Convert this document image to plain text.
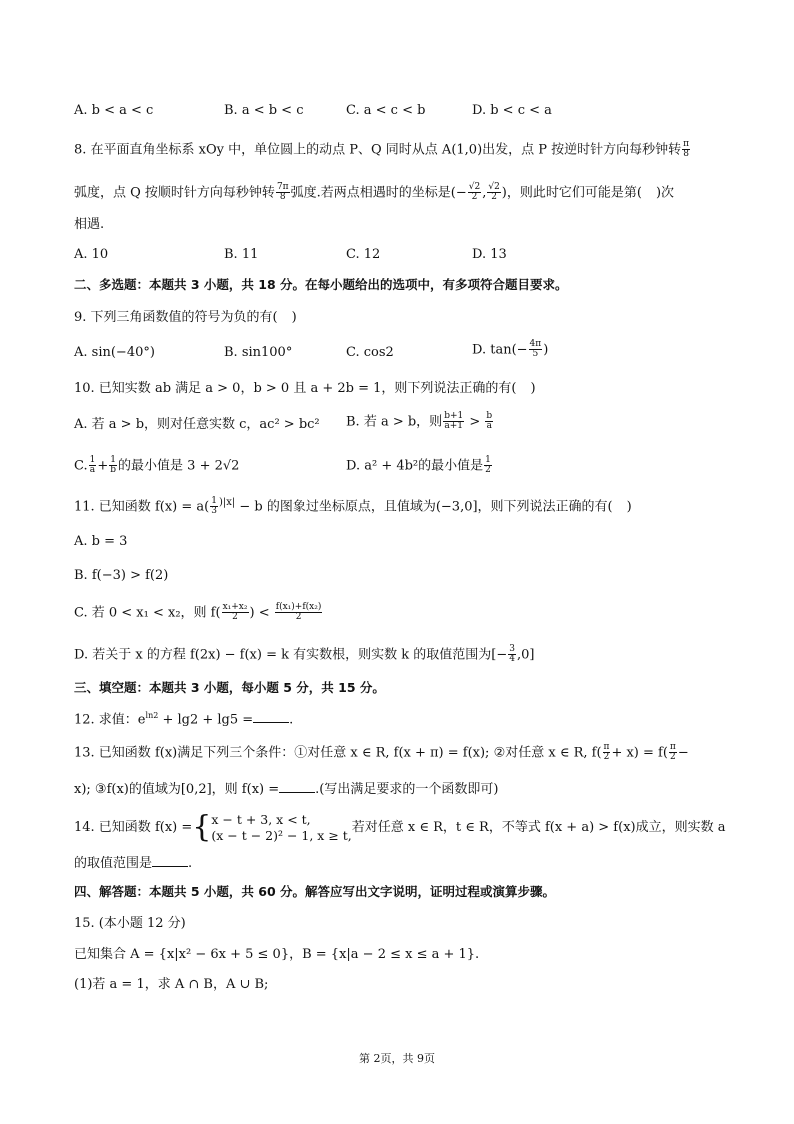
A. b < a < c	B. a < b < c	C. a < c < b	D. b < c < a
8. 在平面直角坐标系 xOy 中，单位圆上的动点 P、Q 同时从点 A(1,0)出发，点 P 按逆时针方向每秒钟转 $\frac{\pi}{8}$
弧度，点 Q 按顺时针方向每秒钟转 $\frac{7\pi}{8}$ 弧度.若两点相遇时的坐标是(− $\frac{√2}{2}$ , $\frac{√2}{2}$ )，则此时它们可能是第( )次
相遇.
A. 10	B. 11	C. 12	D. 13
二、多选题：本题共 3 小题，共 18 分。在每小题给出的选项中，有多项符合题目要求。
9. 下列三角函数值的符号为负的有( )
A. sin(−40°)	B. sin100°	C. cos2	D. $\tan(- \frac{4\pi}{5}$ )
10. 已知实数 ab 满足 a > 0，b > 0 且 a + 2b = 1，则下列说法正确的有( )
A. 若 a > b，则对任意实数 c，ac² > bc² B. 若 a > b，则 $\frac{b+1}{a+1} > \frac{b}{a}$
C. $\frac{1}{a} + \frac{1}{b}$ 的最小值是 3 + 2√2	D. a² + 4b²的最小值是 $\frac{1}{2}$
11. 已知函数 $f(x) = a( \frac{1}{3} ^{)|x|} - b$ 的图象过坐标原点，且值域为(−3,0]，则下列说法正确的有( )
A. b = 3
B. f(−3) > f(2)
C. 若 0 < x₁ < x₂，则 $f( \frac{\text{x₁+x₂}}{2}$ ) < $\frac{\text{f(x₁)+f(x₂)}}{2}$
D. 若关于 x 的方程 f(2x) − f(x) = k 有实数根，则实数 k 的取值范围为[− $\frac{3}{4} ,0$]
三、填空题：本题共 3 小题，每小题 5 分，共 15 分。
12. 求值：$e^{ln2} + \lg 2 + \lg 5$ =	.
13. 已知函数 f(x)满足下列三个条件：①对任意 x ∈ R, f(x + π) = f(x); ②对任意 x ∈ R, $f( \frac{\pi}{2} + x) = f( \frac{\pi}{2}$ −
x); ③f(x)的值域为[0,2]，则 f(x) =	.(写出满足要求的一个函数即可)
14. 已知函数 f(x) ={ x − t + 3, x < t,
(x − t − 2)² − 1, x ≥ t, 若对任意 x ∈ R，t ∈ R，不等式 f(x + a) > f(x)成立，则实数 a
的取值范围是	.
四、解答题：本题共 5 小题，共 60 分。解答应写出文字说明，证明过程或演算步骤。
15. (本小题 12 分)
已知集合 A = {x|x² − 6x + 5 ≤ 0}，B = {x|a − 2 ≤ x ≤ a + 1}.
(1)若 a = 1，求 A ∩ B，A ∪ B;
第 2页，共 9页
